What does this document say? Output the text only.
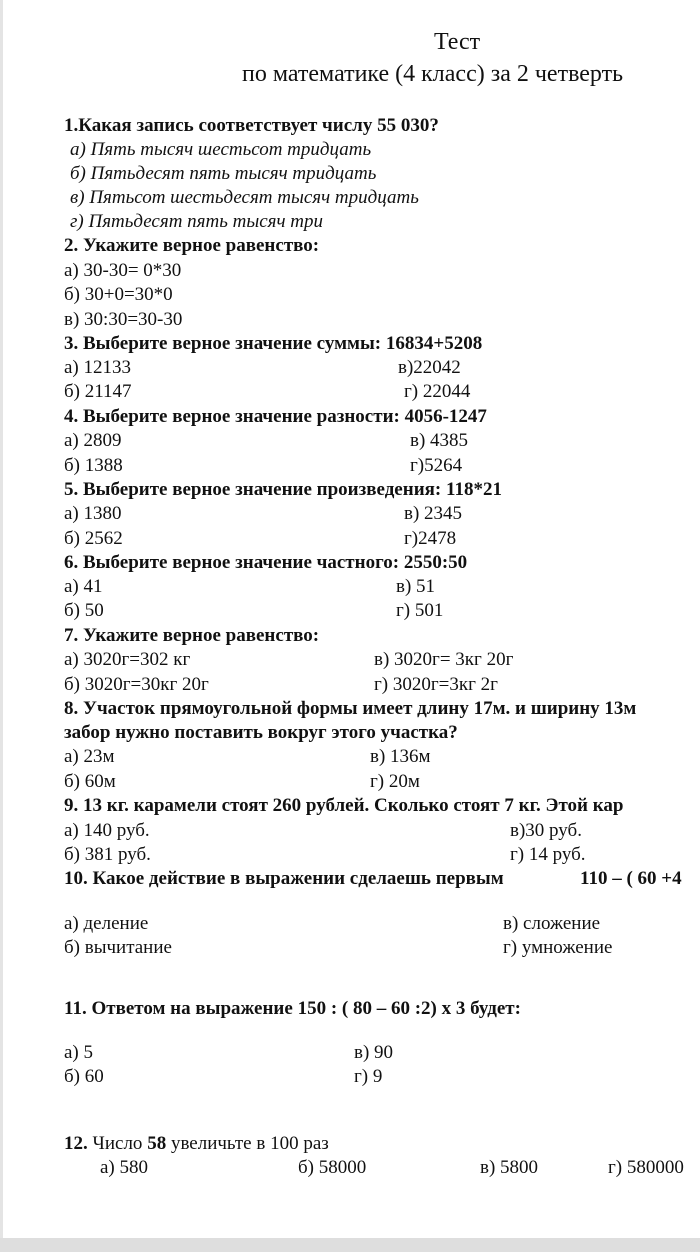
Тест
по математике (4 класс) за 2 четверть
1.Какая запись соответствует числу 55 030?
а) Пять тысяч шестьсот тридцать
б) Пятьдесят пять тысяч тридцать
в) Пятьсот шестьдесят тысяч тридцать
г) Пятьдесят пять тысяч три
2. Укажите верное равенство:
а) 30-30= 0*30
б) 30+0=30*0
в) 30:30=30-30
3. Выберите верное значение суммы: 16834+5208
а) 12133	в)22042
б) 21147	г) 22044
4. Выберите верное значение разности: 4056-1247
а) 2809	в) 4385
б) 1388	г)5264
5. Выберите верное значение произведения: 118*21
а) 1380	в) 2345
б) 2562	г)2478
6. Выберите верное значение частного: 2550:50
а) 41	в) 51
б) 50	г) 501
7. Укажите верное равенство:
а) 3020г=302 кг	в) 3020г= 3кг 20г
б) 3020г=30кг 20г	г) 3020г=3кг 2г
8. Участок прямоугольной формы имеет длину 17м. и ширину 13м
забор нужно поставить вокруг этого участка?
а) 23м	в) 136м
б) 60м	г) 20м
9. 13 кг. карамели стоят 260 рублей. Сколько стоят 7 кг. Этой кар
а) 140 руб.	в)30 руб.
б) 381 руб.	г) 14 руб.
10. Какое действие в выражении сделаешь первым	110 – ( 60 +4
а) деление	в) сложение
б) вычитание	г) умножение
11. Ответом на выражение 150 : ( 80 – 60 :2) х 3 будет:
а) 5	в) 90
б) 60	г) 9
12. Число 58 увеличьте в 100 раз
а) 580	б) 58000	в) 5800	г) 580000
